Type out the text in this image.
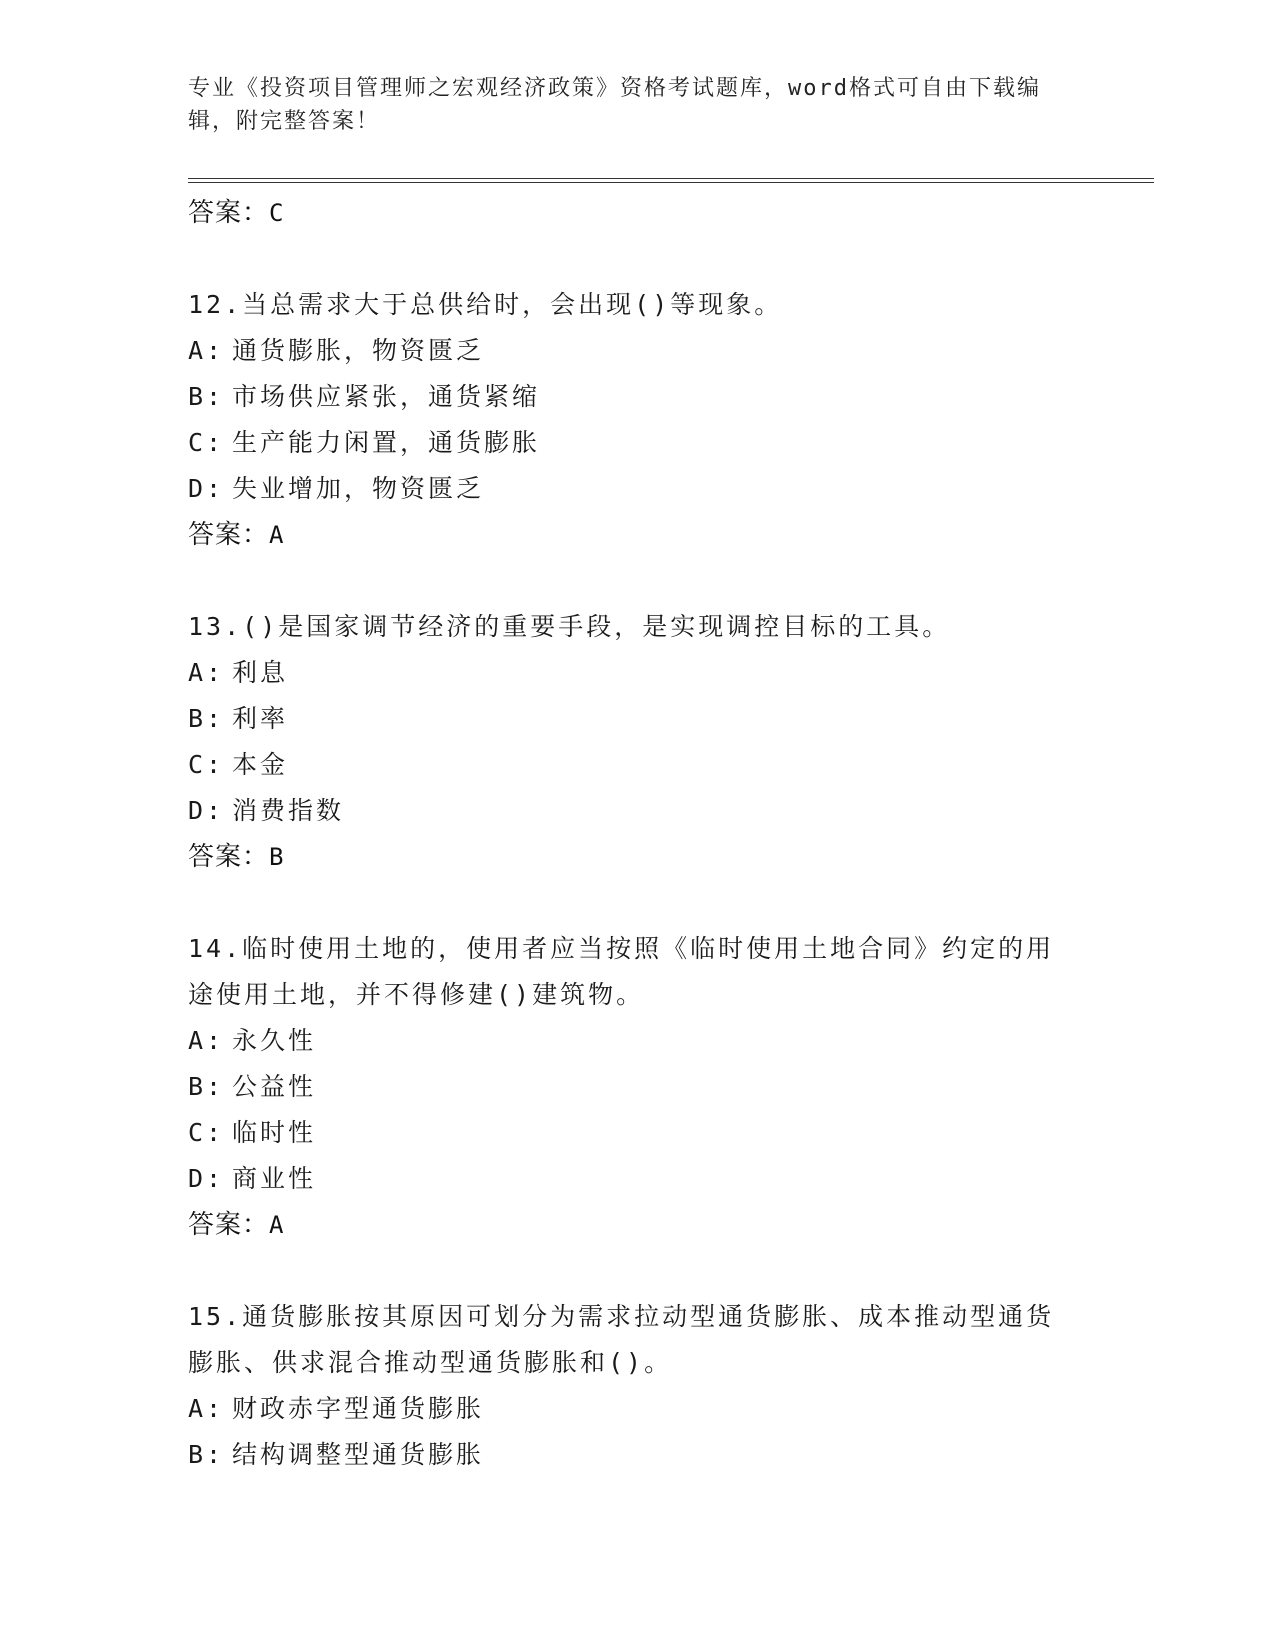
专业《投资项目管理师之宏观经济政策》资格考试题库，word格式可自由下载编
辑，附完整答案！

答案：C

12.当总需求大于总供给时，会出现()等现象。

A: 通货膨胀，物资匮乏

B: 市场供应紧张，通货紧缩

C: 生产能力闲置，通货膨胀

D: 失业增加，物资匮乏

答案：A

13.()是国家调节经济的重要手段，是实现调控目标的工具。

A: 利息

B: 利率

C: 本金

D: 消费指数

答案：B

14.临时使用土地的，使用者应当按照《临时使用土地合同》约定的用途使用土地，并不得修建()建筑物。

A: 永久性

B: 公益性

C: 临时性

D: 商业性

答案：A

15.通货膨胀按其原因可划分为需求拉动型通货膨胀、成本推动型通货膨胀、供求混合推动型通货膨胀和()。

A: 财政赤字型通货膨胀

B: 结构调整型通货膨胀
